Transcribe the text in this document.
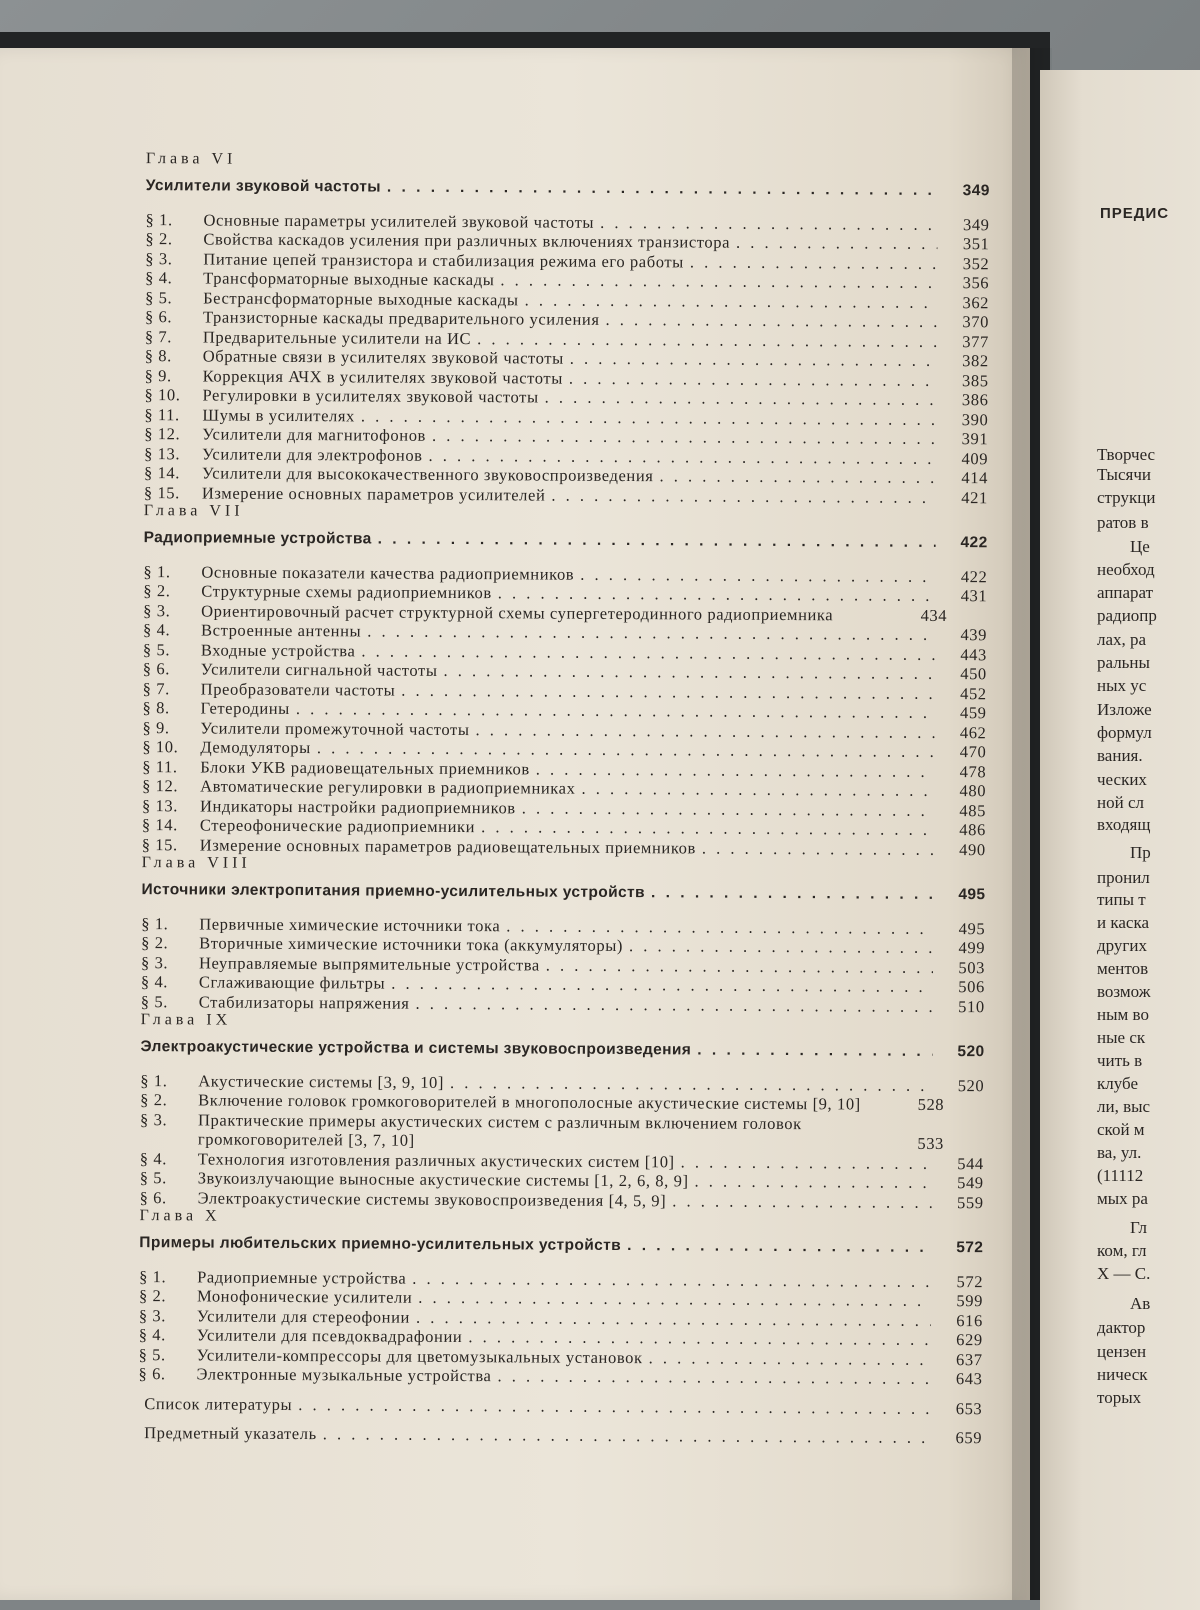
ПРЕДИС
Творчес
Тысячи
струкци
ратов в
Це
необход
аппарат
радиопр
лах, ра
ральны
ных ус
Изложе
формул
вания.
ческих
ной сл
входящ
Пр
пронил
типы т
и каска
других
ментов
возмож
ным во
ные ск
чить в
клубе
ли, выс
ской м
ва, ул.
(11112
мых ра
Гл
ком, гл
X — С.
Ав
дактор
цензен
ническ
торых
Глава VI
Усилители звуковой частоты . . .	349
§ 1.	Основные параметры усилителей звуковой частоты . . .	349
§ 2.	Свойства каскадов усиления при различных включениях транзистора . . .	351
§ 3.	Питание цепей транзистора и стабилизация режима его работы . . .	352
§ 4.	Трансформаторные выходные каскады . . .	356
§ 5.	Бестрансформаторные выходные каскады . . .	362
§ 6.	Транзисторные каскады предварительного усиления . . .	370
§ 7.	Предварительные усилители на ИС . . .	377
§ 8.	Обратные связи в усилителях звуковой частоты . . .	382
§ 9.	Коррекция АЧХ в усилителях звуковой частоты . . .	385
§ 10.	Регулировки в усилителях звуковой частоты . . .	386
§ 11.	Шумы в усилителях . . .	390
§ 12.	Усилители для магнитофонов . . .	391
§ 13.	Усилители для электрофонов . . .	409
§ 14.	Усилители для высококачественного звуковоспроизведения . . .	414
§ 15.	Измерение основных параметров усилителей . . .	421
Глава VII
Радиоприемные устройства . . .	422
§ 1.	Основные показатели качества радиоприемников . . .	422
§ 2.	Структурные схемы радиоприемников . . .	431
§ 3.	Ориентировочный расчет структурной схемы супергетеродинного радиоприемника	434
§ 4.	Встроенные антенны . . .	439
§ 5.	Входные устройства . . .	443
§ 6.	Усилители сигнальной частоты . . .	450
§ 7.	Преобразователи частоты . . .	452
§ 8.	Гетеродины . . .	459
§ 9.	Усилители промежуточной частоты . . .	462
§ 10.	Демодуляторы . . .	470
§ 11.	Блоки УКВ радиовещательных приемников . . .	478
§ 12.	Автоматические регулировки в радиоприемниках . . .	480
§ 13.	Индикаторы настройки радиоприемников . . .	485
§ 14.	Стереофонические радиоприемники . . .	486
§ 15.	Измерение основных параметров радиовещательных приемников . . .	490
Глава VIII
Источники электропитания приемно-усилительных устройств . . .	495
§ 1.	Первичные химические источники тока . . .	495
§ 2.	Вторичные химические источники тока (аккумуляторы) . . .	499
§ 3.	Неуправляемые выпрямительные устройства . . .	503
§ 4.	Сглаживающие фильтры . . .	506
§ 5.	Стабилизаторы напряжения . . .	510
Глава IX
Электроакустические устройства и системы звуковоспроизведения . . .	520
§ 1.	Акустические системы [3, 9, 10] . . .	520
§ 2.	Включение головок громкоговорителей в многополосные акустические системы [9, 10]	528
§ 3.	Практические примеры акустических систем с различным включением головок громкоговорителей [3, 7, 10]	533
§ 4.	Технология изготовления различных акустических систем [10] . . .	544
§ 5.	Звукоизлучающие выносные акустические системы [1, 2, 6, 8, 9] . . .	549
§ 6.	Электроакустические системы звуковоспроизведения [4, 5, 9] . . .	559
Глава X
Примеры любительских приемно-усилительных устройств . . .	572
§ 1.	Радиоприемные устройства . . .	572
§ 2.	Монофонические усилители . . .	599
§ 3.	Усилители для стереофонии . . .	616
§ 4.	Усилители для псевдоквадрафонии . . .	629
§ 5.	Усилители-компрессоры для цветомузыкальных установок . . .	637
§ 6.	Электронные музыкальные устройства . . .	643
Список литературы . . .	653
Предметный указатель . . .	659
